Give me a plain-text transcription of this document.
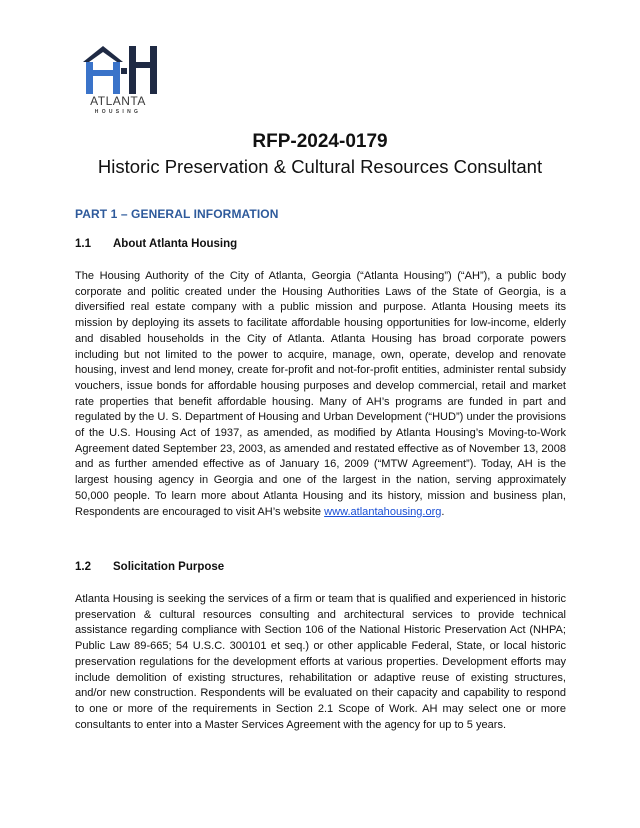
ATLANTA
HOUSING
RFP-2024-0179
Historic Preservation & Cultural Resources Consultant
PART 1 – GENERAL INFORMATION
1.1 About Atlanta Housing
The Housing Authority of the City of Atlanta, Georgia (“Atlanta Housing”) (“AH”), a public body corporate and politic created under the Housing Authorities Laws of the State of Georgia, is a diversified real estate company with a public mission and purpose. Atlanta Housing meets its mission by deploying its assets to facilitate affordable housing opportunities for low-income, elderly and disabled households in the City of Atlanta. Atlanta Housing has broad corporate powers including but not limited to the power to acquire, manage, own, operate, develop and renovate housing, invest and lend money, create for-profit and not-for-profit entities, administer rental subsidy vouchers, issue bonds for affordable housing purposes and develop commercial, retail and market rate properties that benefit affordable housing. Many of AH’s programs are funded in part and regulated by the U. S. Department of Housing and Urban Development (“HUD”) under the provisions of the U.S. Housing Act of 1937, as amended, as modified by Atlanta Housing’s Moving-to-Work Agreement dated September 23, 2003, as amended and restated effective as of November 13, 2008 and as further amended effective as of January 16, 2009 (“MTW Agreement”). Today, AH is the largest housing agency in Georgia and one of the largest in the nation, serving approximately 50,000 people. To learn more about Atlanta Housing and its history, mission and business plan, Respondents are encouraged to visit AH’s website www.atlantahousing.org.
1.2 Solicitation Purpose
Atlanta Housing is seeking the services of a firm or team that is qualified and experienced in historic preservation & cultural resources consulting and architectural services to provide technical assistance regarding compliance with Section 106 of the National Historic Preservation Act (NHPA; Public Law 89-665; 54 U.S.C. 300101 et seq.) or other applicable Federal, State, or local historic preservation regulations for the development efforts at various properties. Development efforts may include demolition of existing structures, rehabilitation or adaptive reuse of existing structures, and/or new construction. Respondents will be evaluated on their capacity and capability to respond to one or more of the requirements in Section 2.1 Scope of Work. AH may select one or more consultants to enter into a Master Services Agreement with the agency for up to 5 years.
